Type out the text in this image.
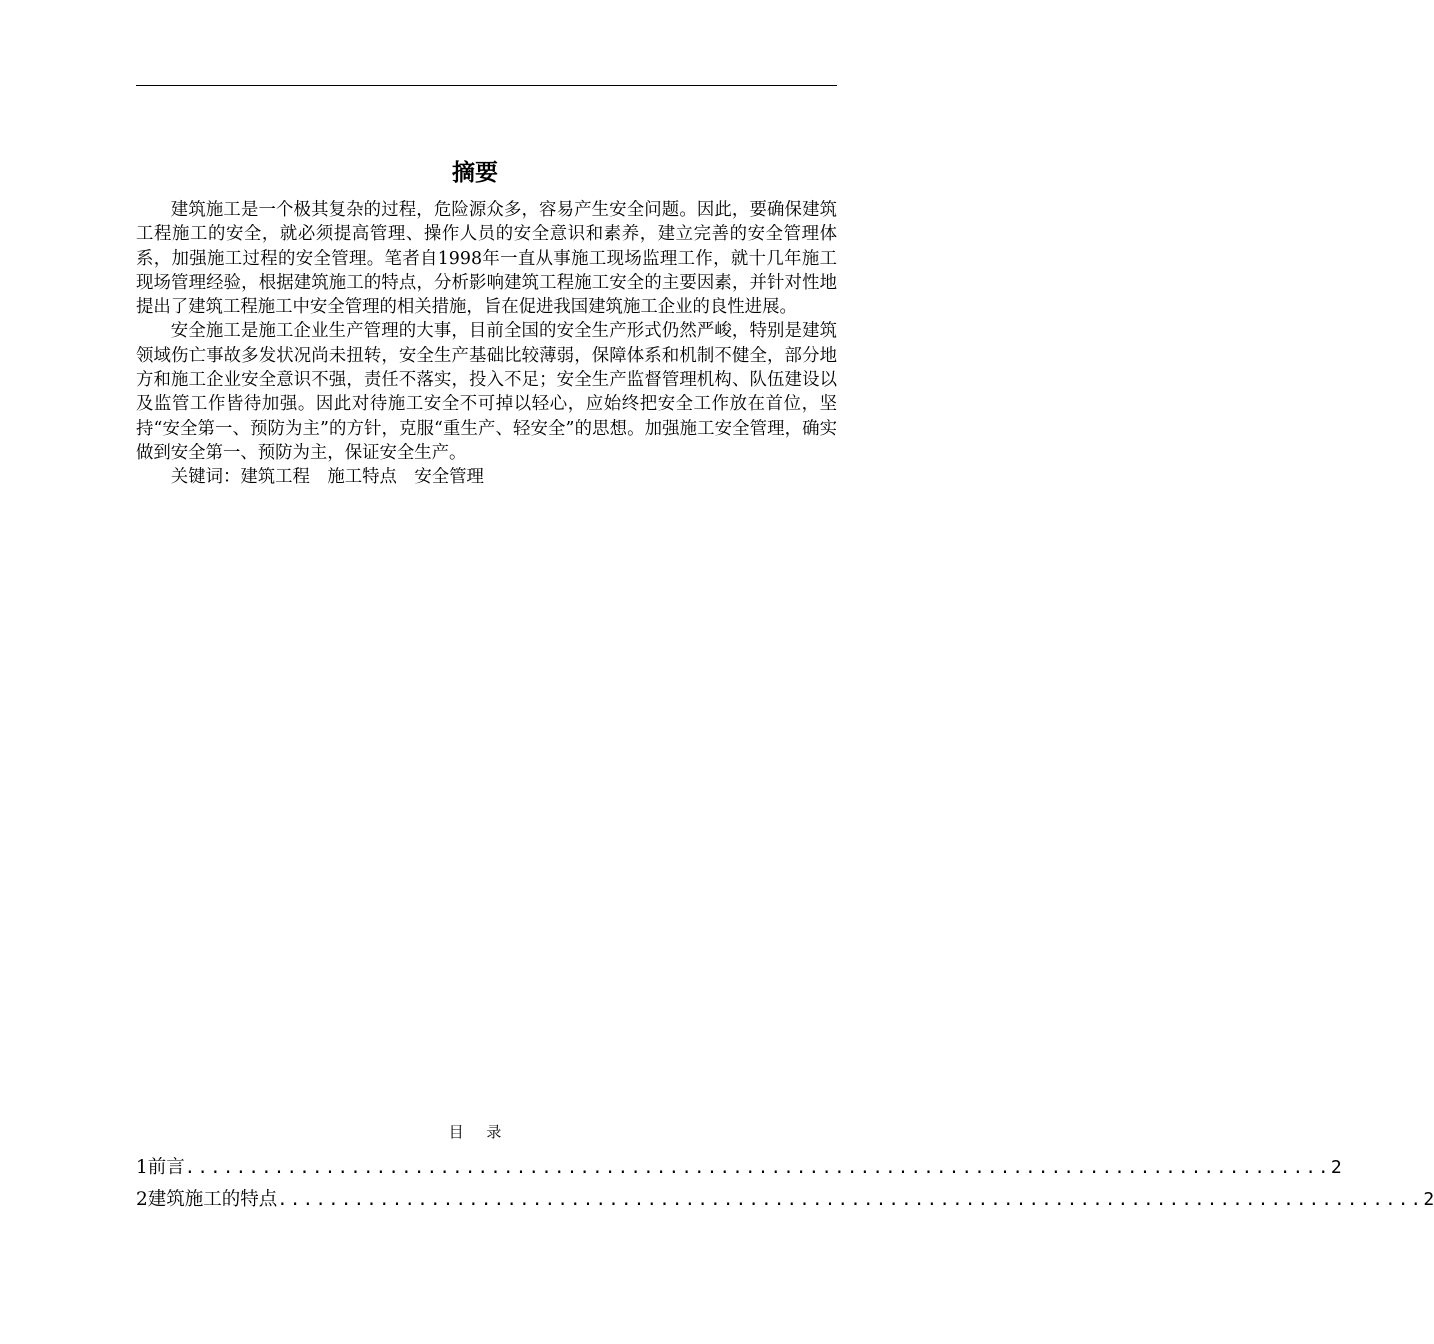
摘要

建筑施工是一个极其复杂的过程，危险源众多，容易产生安全问题。因此，要确保建筑工程施工的安全，就必须提高管理、操作人员的安全意识和素养，建立完善的安全管理体系，加强施工过程的安全管理。笔者自1998年一直从事施工现场监理工作，就十几年施工现场管理经验，根据建筑施工的特点，分析影响建筑工程施工安全的主要因素，并针对性地提出了建筑工程施工中安全管理的相关措施，旨在促进我国建筑施工企业的良性进展。

安全施工是施工企业生产管理的大事，目前全国的安全生产形式仍然严峻，特别是建筑领域伤亡事故多发状况尚未扭转，安全生产基础比较薄弱，保障体系和机制不健全，部分地方和施工企业安全意识不强，责任不落实，投入不足；安全生产监督管理机构、队伍建设以及监管工作皆待加强。因此对待施工安全不可掉以轻心，应始终把安全工作放在首位，坚持“安全第一、预防为主”的方针，克服“重生产、轻安全”的思想。加强施工安全管理，确实做到安全第一、预防为主，保证安全生产。

关键词：建筑工程 施工特点 安全管理

目 录
1前言 .......................................................................................... 2
2建筑施工的特点 .......................................................................................... 2
